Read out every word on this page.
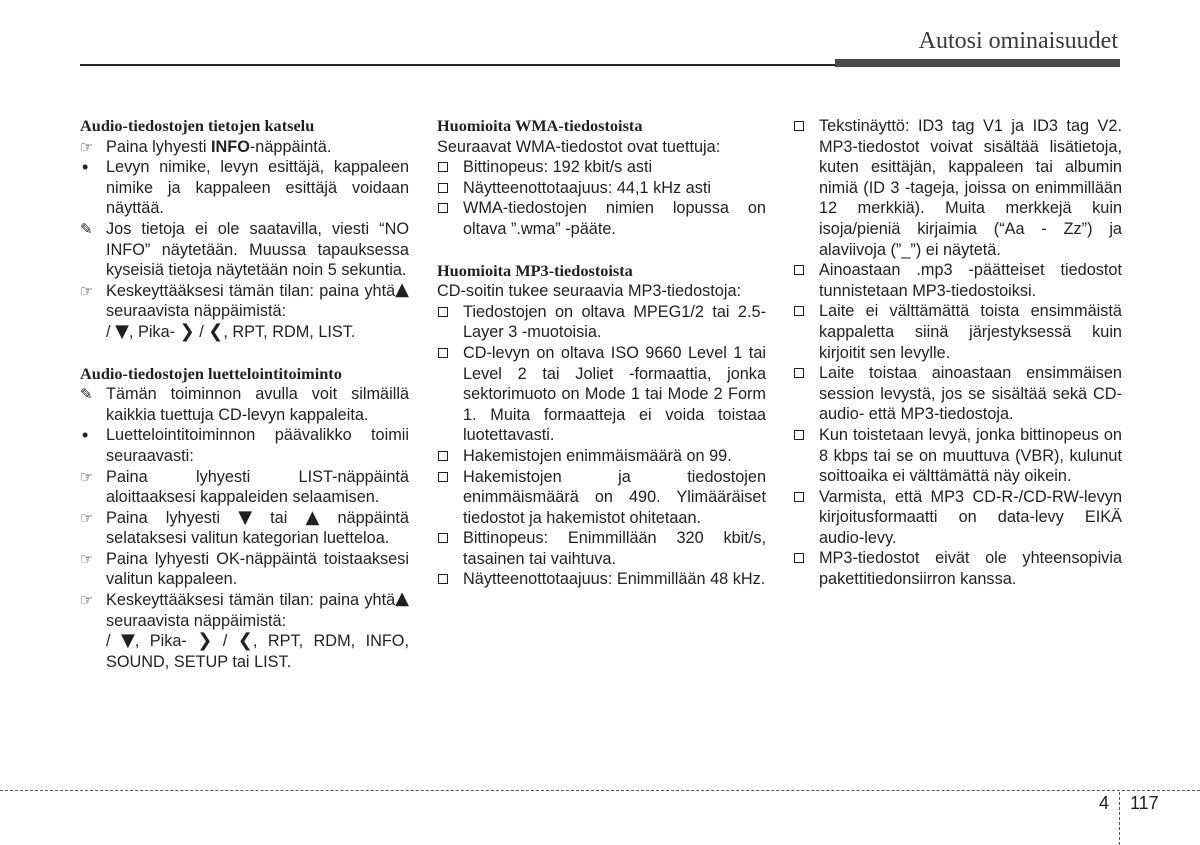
Autosi ominaisuudet
Audio-tiedostojen tietojen katselu
☞ Paina lyhyesti INFO-näppäintä.
Levyn nimike, levyn esittäjä, kappaleen nimike ja kappaleen esittäjä voidaan näyttää.
✎ Jos tietoja ei ole saatavilla, viesti “NO INFO” näytetään. Muussa tapauksessa kyseisiä tietoja näytetään noin 5 sekuntia.
☞	▲
Keskeyttääksesi tämän tilan: paina yhtä seuraavista näppäimistä:
/ ▼, Pika- ❯ / ❮, RPT, RDM, LIST.
Audio-tiedostojen luettelointitoiminto
✎ Tämän toiminnon avulla voit silmäillä kaikkia tuettuja CD-levyn kappaleita.
Luettelointitoiminnon päävalikko toimii seuraavasti:
☞ Paina lyhyesti LIST-näppäintä aloittaaksesi kappaleiden selaamisen.
☞ Paina lyhyesti ▼ tai ▲ näppäintä selataksesi valitun kategorian luetteloa.
☞ Paina lyhyesti OK-näppäintä toistaaksesi valitun kappaleen.
☞	▲
Keskeyttääksesi tämän tilan: paina yhtä seuraavista näppäimistä:
/ ▼, Pika- ❯ / ❮, RPT, RDM, INFO, SOUND, SETUP tai LIST.
Huomioita WMA-tiedostoista
Seuraavat WMA-tiedostot ovat tuettuja:
Bittinopeus: 192 kbit/s asti
Näytteenottotaajuus: 44,1 kHz asti
WMA-tiedostojen nimien lopussa on oltava ”.wma” -pääte.
Huomioita MP3-tiedostoista
CD-soitin tukee seuraavia MP3-tiedostoja:
Tiedostojen on oltava MPEG1/2 tai 2.5-Layer 3 -muotoisia.
CD-levyn on oltava ISO 9660 Level 1 tai Level 2 tai Joliet -formaattia, jonka sektorimuoto on Mode 1 tai Mode 2 Form 1. Muita formaatteja ei voida toistaa luotettavasti.
Hakemistojen enimmäismäärä on 99.
Hakemistojen ja tiedostojen enimmäismäärä on 490. Ylimääräiset tiedostot ja hakemistot ohitetaan.
Bittinopeus: Enimmillään 320 kbit/s, tasainen tai vaihtuva.
Näytteenottotaajuus: Enimmillään 48 kHz.
Tekstinäyttö: ID3 tag V1 ja ID3 tag V2. MP3-tiedostot voivat sisältää lisätietoja, kuten esittäjän, kappaleen tai albumin nimiä (ID 3 -tageja, joissa on enimmillään 12 merkkiä). Muita merkkejä kuin isoja/pieniä kirjaimia (“Aa - Zz”) ja alaviivoja (”_”) ei näytetä.
Ainoastaan .mp3 -päätteiset tiedostot tunnistetaan MP3-tiedostoiksi.
Laite ei välttämättä toista ensimmäistä kappaletta siinä järjestyksessä kuin kirjoitit sen levylle.
Laite toistaa ainoastaan ensimmäisen session levystä, jos se sisältää sekä CD-audio- että MP3-tiedostoja.
Kun toistetaan levyä, jonka bittinopeus on 8 kbps tai se on muuttuva (VBR), kulunut soittoaika ei välttämättä näy oikein.
Varmista, että MP3 CD-R-/CD-RW-levyn kirjoitusformaatti on data-levy EIKÄ audio-levy.
MP3-tiedostot eivät ole yhteensopivia pakettitiedonsiirron kanssa.
4 117
